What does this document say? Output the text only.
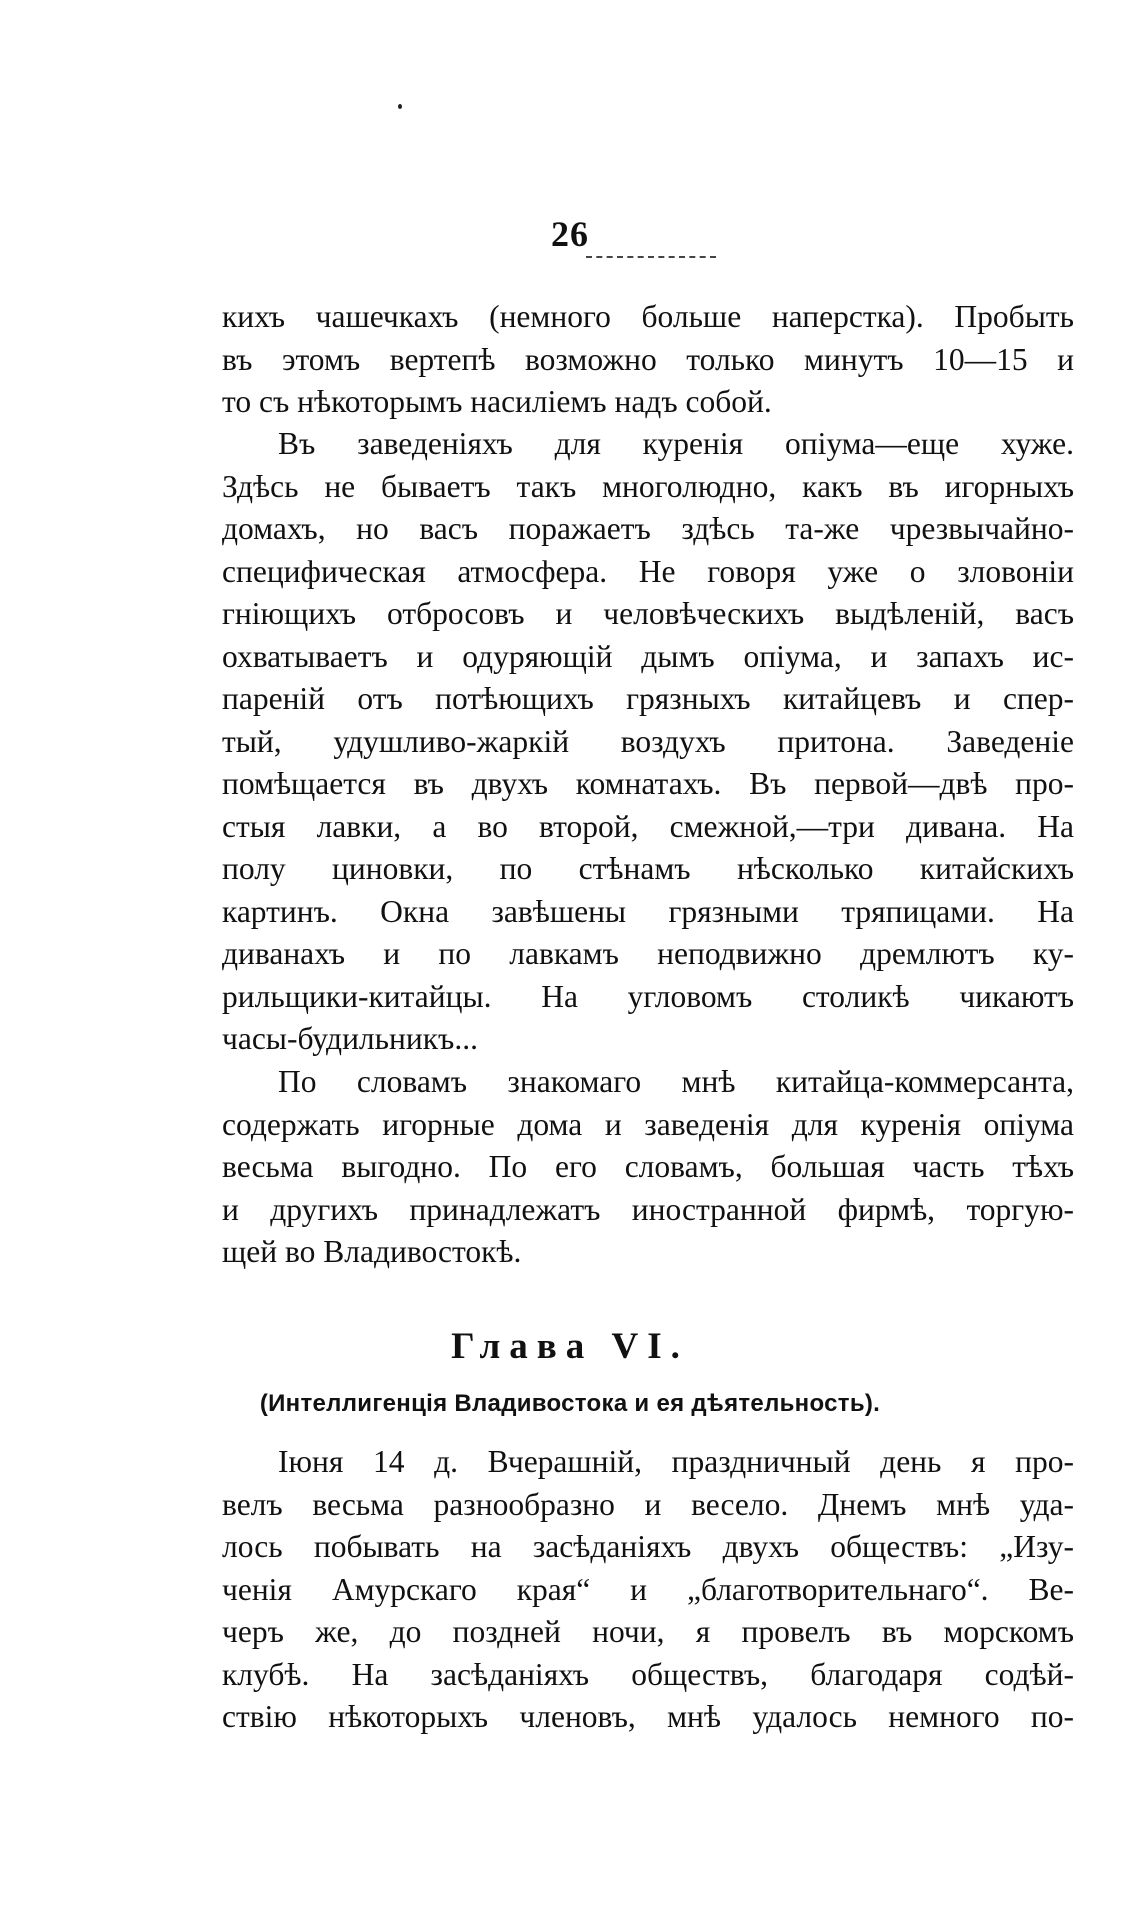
26
кихъ чашечкахъ (немного больше наперстка). Пробыть
въ этомъ вертепѣ возможно только минутъ 10—15 и
то съ нѣкоторымъ насиліемъ надъ собой.
Въ заведеніяхъ для куренія опіума—еще хуже.
Здѣсь не бываетъ такъ многолюдно, какъ въ игорныхъ
домахъ, но васъ поражаетъ здѣсь та-же чрезвычайно-
специфическая атмосфера. Не говоря уже о зловоніи
гніющихъ отбросовъ и человѣческихъ выдѣленій, васъ
охватываетъ и одуряющій дымъ опіума, и запахъ ис-
пареній отъ потѣющихъ грязныхъ китайцевъ и спер-
тый, удушливо-жаркій воздухъ притона. Заведеніе
помѣщается въ двухъ комнатахъ. Въ первой—двѣ про-
стыя лавки, а во второй, смежной,—три дивана. На
полу циновки, по стѣнамъ нѣсколько китайскихъ
картинъ. Окна завѣшены грязными тряпицами. На
диванахъ и по лавкамъ неподвижно дремлютъ ку-
рильщики-китайцы. На угловомъ столикѣ чикаютъ
часы-будильникъ...
По словамъ знакомаго мнѣ китайца-коммерсанта,
содержать игорные дома и заведенія для куренія опіума
весьма выгодно. По его словамъ, большая часть тѣхъ
и другихъ принадлежатъ иностранной фирмѣ, торгую-
щей во Владивостокѣ.
Глава VI.
(Интеллигенція Владивостока и ея дѣятельность).
Іюня 14 д. Вчерашній, праздничный день я про-
велъ весьма разнообразно и весело. Днемъ мнѣ уда-
лось побывать на засѣданіяхъ двухъ обществъ: „Изу-
ченія Амурскаго края“ и „благотворительнаго“. Ве-
черъ же, до поздней ночи, я провелъ въ морскомъ
клубѣ. На засѣданіяхъ обществъ, благодаря содѣй-
ствію нѣкоторыхъ членовъ, мнѣ удалось немного по-
